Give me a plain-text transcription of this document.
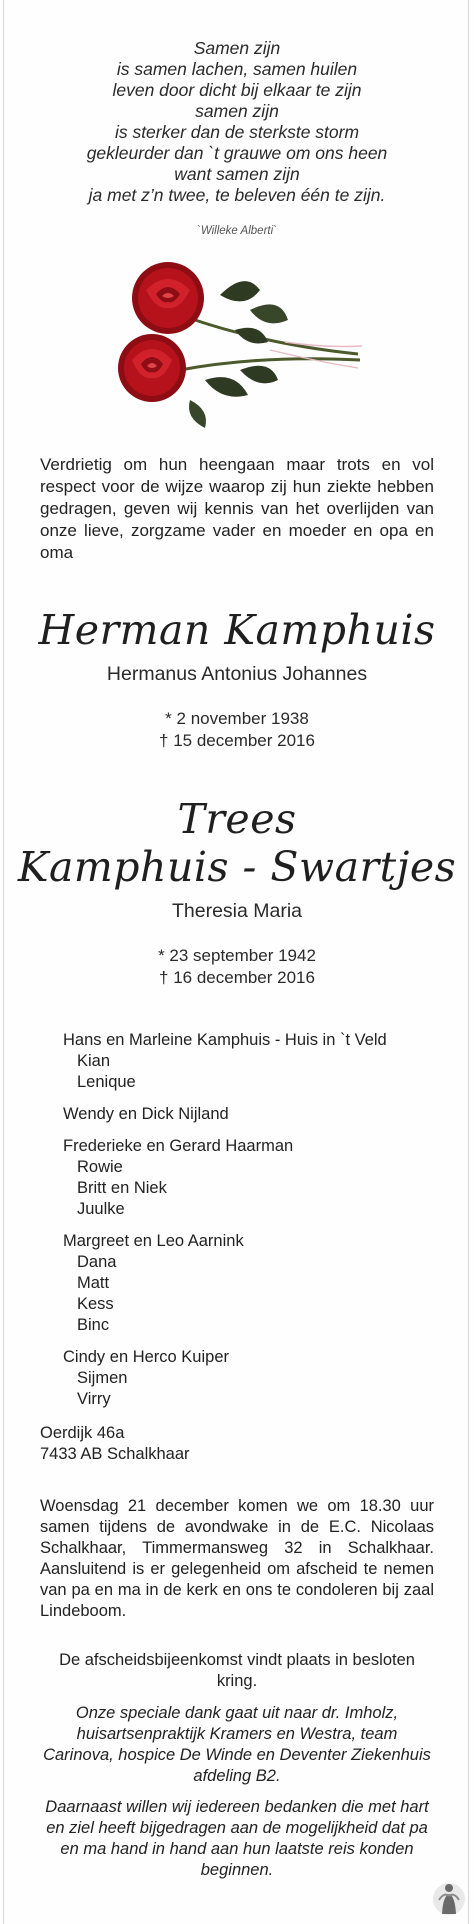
Samen zijn
is samen lachen, samen huilen
leven door dicht bij elkaar te zijn
samen zijn
is sterker dan de sterkste storm
gekleurder dan `t grauwe om ons heen
want samen zijn
ja met z’n twee, te beleven één te zijn.
`Willeke Alberti`
Verdrietig om hun heengaan maar trots en vol respect voor de wijze waarop zij hun ziekte hebben gedragen, geven wij kennis van het overlijden van onze lieve, zorgzame vader en moeder en opa en oma
Herman Kamphuis
Hermanus Antonius Johannes
* 2 november 1938
† 15 december 2016
Trees
Kamphuis - Swartjes
Theresia Maria
* 23 september 1942
† 16 december 2016
Hans en Marleine Kamphuis - Huis in `t Veld
Kian
Lenique
Wendy en Dick Nijland
Frederieke en Gerard Haarman
Rowie
Britt en Niek
Juulke
Margreet en Leo Aarnink
Dana
Matt
Kess
Binc
Cindy en Herco Kuiper
Sijmen
Virry
Oerdijk 46a
7433 AB Schalkhaar
Woensdag 21 december komen we om 18.30 uur samen tijdens de avondwake in de E.C. Nicolaas Schalkhaar, Timmermansweg 32 in Schalkhaar. Aansluitend is er gelegenheid om afscheid te nemen van pa en ma in de kerk en ons te condoleren bij zaal Lindeboom.
De afscheidsbijeenkomst vindt plaats in besloten kring.
Onze speciale dank gaat uit naar dr. Imholz, huisartsenpraktijk Kramers en Westra, team Carinova, hospice De Winde en Deventer Ziekenhuis afdeling B2.
Daarnaast willen wij iedereen bedanken die met hart en ziel heeft bijgedragen aan de mogelijkheid dat pa en ma hand in hand aan hun laatste reis konden beginnen.
